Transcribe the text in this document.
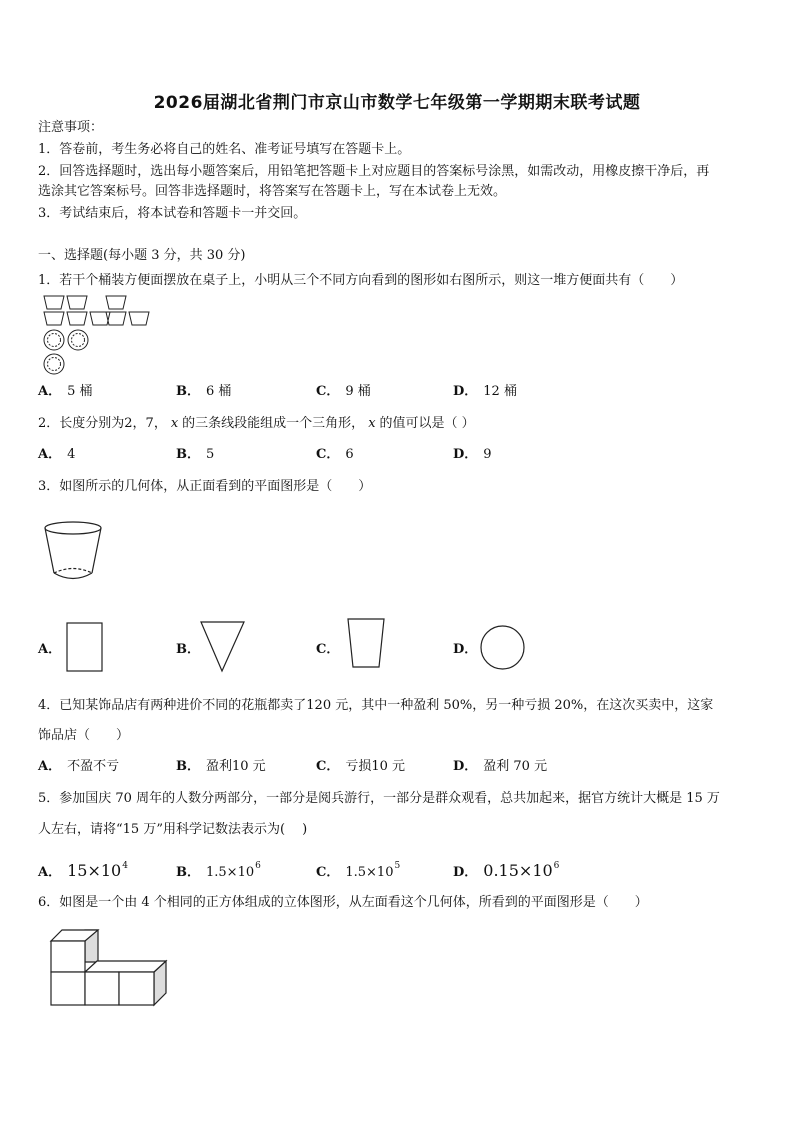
2026届湖北省荆门市京山市数学七年级第一学期期末联考试题
注意事项：
1．答卷前，考生务必将自己的姓名、准考证号填写在答题卡上。
2．回答选择题时，选出每小题答案后，用铅笔把答题卡上对应题目的答案标号涂黑，如需改动，用橡皮擦干净后，再
选涂其它答案标号。回答非选择题时，将答案写在答题卡上，写在本试卷上无效。
3．考试结束后，将本试卷和答题卡一并交回。
一、选择题(每小题 3 分，共 30 分)
1．若干个桶装方便面摆放在桌子上，小明从三个不同方向看到的图形如右图所示，则这一堆方便面共有（　　）
A． 5 桶	B． 6 桶	C． 9 桶	D． 12 桶
2．长度分别为2，7， x 的三条线段能组成一个三角形， x 的值可以是（ ）
A． 4	B． 5	C． 6	D． 9
3．如图所示的几何体，从正面看到的平面图形是（　　）
A．	B．	C．	D．
4．已知某饰品店有两种进价不同的花瓶都卖了120 元，其中一种盈利 50%，另一种亏损 20%，在这次买卖中，这家
饰品店（　　）
A． 不盈不亏	B． 盈利10 元	C． 亏损10 元	D． 盈利 70 元
5．参加国庆 70 周年的人数分两部分，一部分是阅兵游行，一部分是群众观看，总共加起来，据官方统计大概是 15 万
人左右，请将“15 万”用科学记数法表示为(　 )
A． $15\times 10^4$	B． $1.5\times 10^6$	C． $1.5\times 10^5$	D． $0.15\times 10^6$
6．如图是一个由 4 个相同的正方体组成的立体图形，从左面看这个几何体，所看到的平面图形是（　　）
